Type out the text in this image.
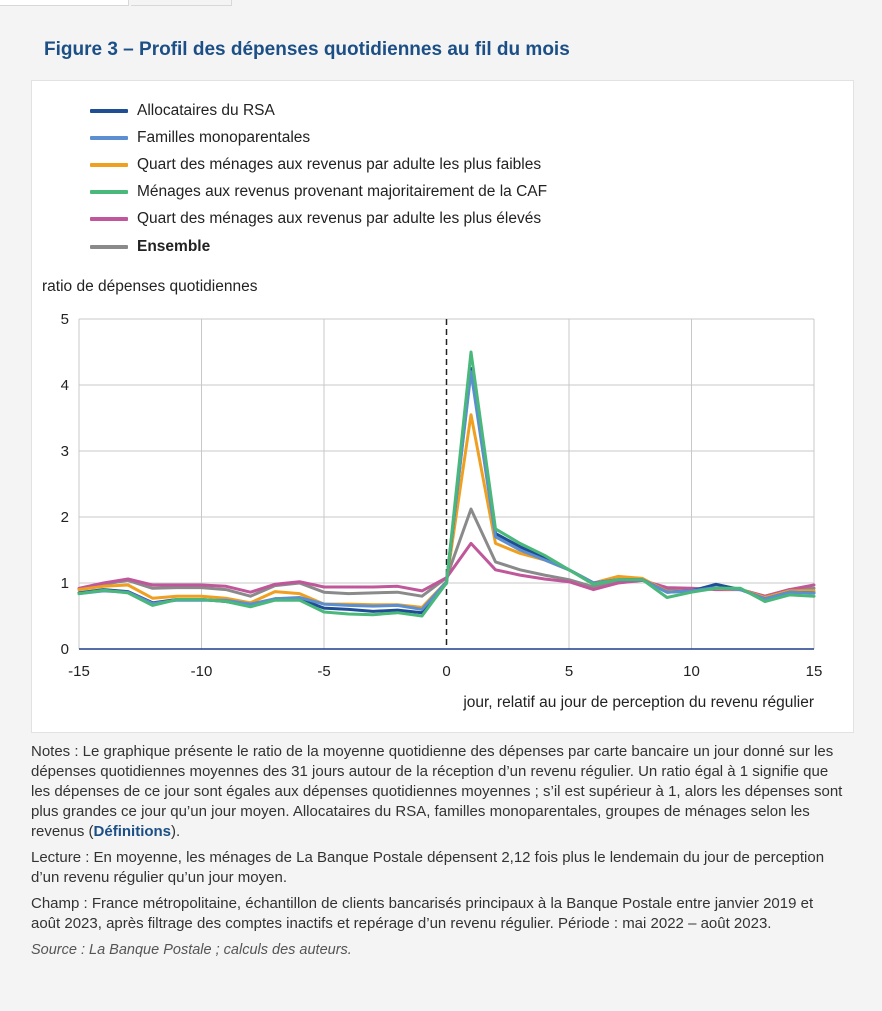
Figure 3 – Profil des dépenses quotidiennes au fil du mois
Allocataires du RSA
Familles monoparentales
Quart des ménages aux revenus par adulte les plus faibles
Ménages aux revenus provenant majoritairement de la CAF
Quart des ménages aux revenus par adulte les plus élevés
Ensemble
ratio de dépenses quotidiennes
0
1
2
3
4
5
-15	-10	-5	0	5	10	15
jour, relatif au jour de perception du revenu régulier

Notes : Le graphique présente le ratio de la moyenne quotidienne des dépenses par carte bancaire un jour donné sur les dépenses quotidiennes moyennes des 31 jours autour de la réception d’un revenu régulier. Un ratio égal à 1 signifie que les dépenses de ce jour sont égales aux dépenses quotidiennes moyennes ; s’il est supérieur à 1, alors les dépenses sont plus grandes ce jour qu’un jour moyen. Allocataires du RSA, familles monoparentales, groupes de ménages selon les revenus (Définitions).

Lecture : En moyenne, les ménages de La Banque Postale dépensent 2,12 fois plus le lendemain du jour de perception d’un revenu régulier qu’un jour moyen.

Champ : France métropolitaine, échantillon de clients bancarisés principaux à la Banque Postale entre janvier 2019 et août 2023, après filtrage des comptes inactifs et repérage d’un revenu régulier. Période : mai 2022 – août 2023.

Source : La Banque Postale ; calculs des auteurs.
